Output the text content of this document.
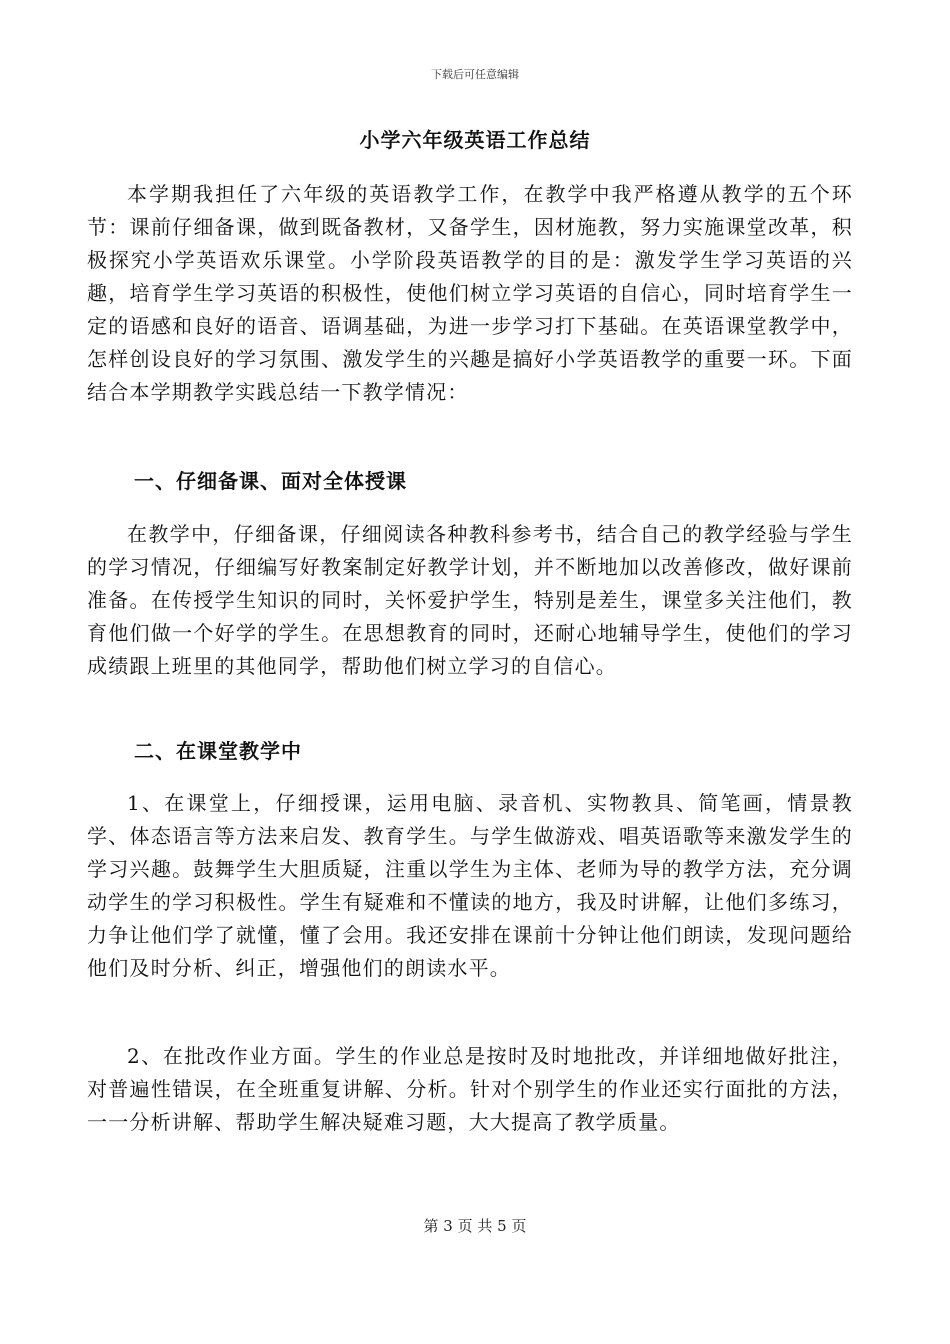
下载后可任意编辑
小学六年级英语工作总结

本学期我担任了六年级的英语教学工作，在教学中我严格遵从教学的五个环节：课前仔细备课，做到既备教材，又备学生，因材施教，努力实施课堂改革，积极探究小学英语欢乐课堂。小学阶段英语教学的目的是：激发学生学习英语的兴趣，培育学生学习英语的积极性，使他们树立学习英语的自信心，同时培育学生一定的语感和良好的语音、语调基础，为进一步学习打下基础。在英语课堂教学中，怎样创设良好的学习氛围、激发学生的兴趣是搞好小学英语教学的重要一环。下面结合本学期教学实践总结一下教学情况：

一、仔细备课、面对全体授课

在教学中，仔细备课，仔细阅读各种教科参考书，结合自己的教学经验与学生的学习情况，仔细编写好教案制定好教学计划，并不断地加以改善修改，做好课前准备。在传授学生知识的同时，关怀爱护学生，特别是差生，课堂多关注他们，教育他们做一个好学的学生。在思想教育的同时，还耐心地辅导学生，使他们的学习成绩跟上班里的其他同学，帮助他们树立学习的自信心。

二、在课堂教学中

1、在课堂上，仔细授课，运用电脑、录音机、实物教具、简笔画，情景教学、体态语言等方法来启发、教育学生。与学生做游戏、唱英语歌等来激发学生的学习兴趣。鼓舞学生大胆质疑，注重以学生为主体、老师为导的教学方法，充分调动学生的学习积极性。学生有疑难和不懂读的地方，我及时讲解，让他们多练习，力争让他们学了就懂，懂了会用。我还安排在课前十分钟让他们朗读，发现问题给他们及时分析、纠正，增强他们的朗读水平。

2、在批改作业方面。学生的作业总是按时及时地批改，并详细地做好批注，对普遍性错误，在全班重复讲解、分析。针对个别学生的作业还实行面批的方法，一一分析讲解、帮助学生解决疑难习题，大大提高了教学质量。

第 3 页 共 5 页
